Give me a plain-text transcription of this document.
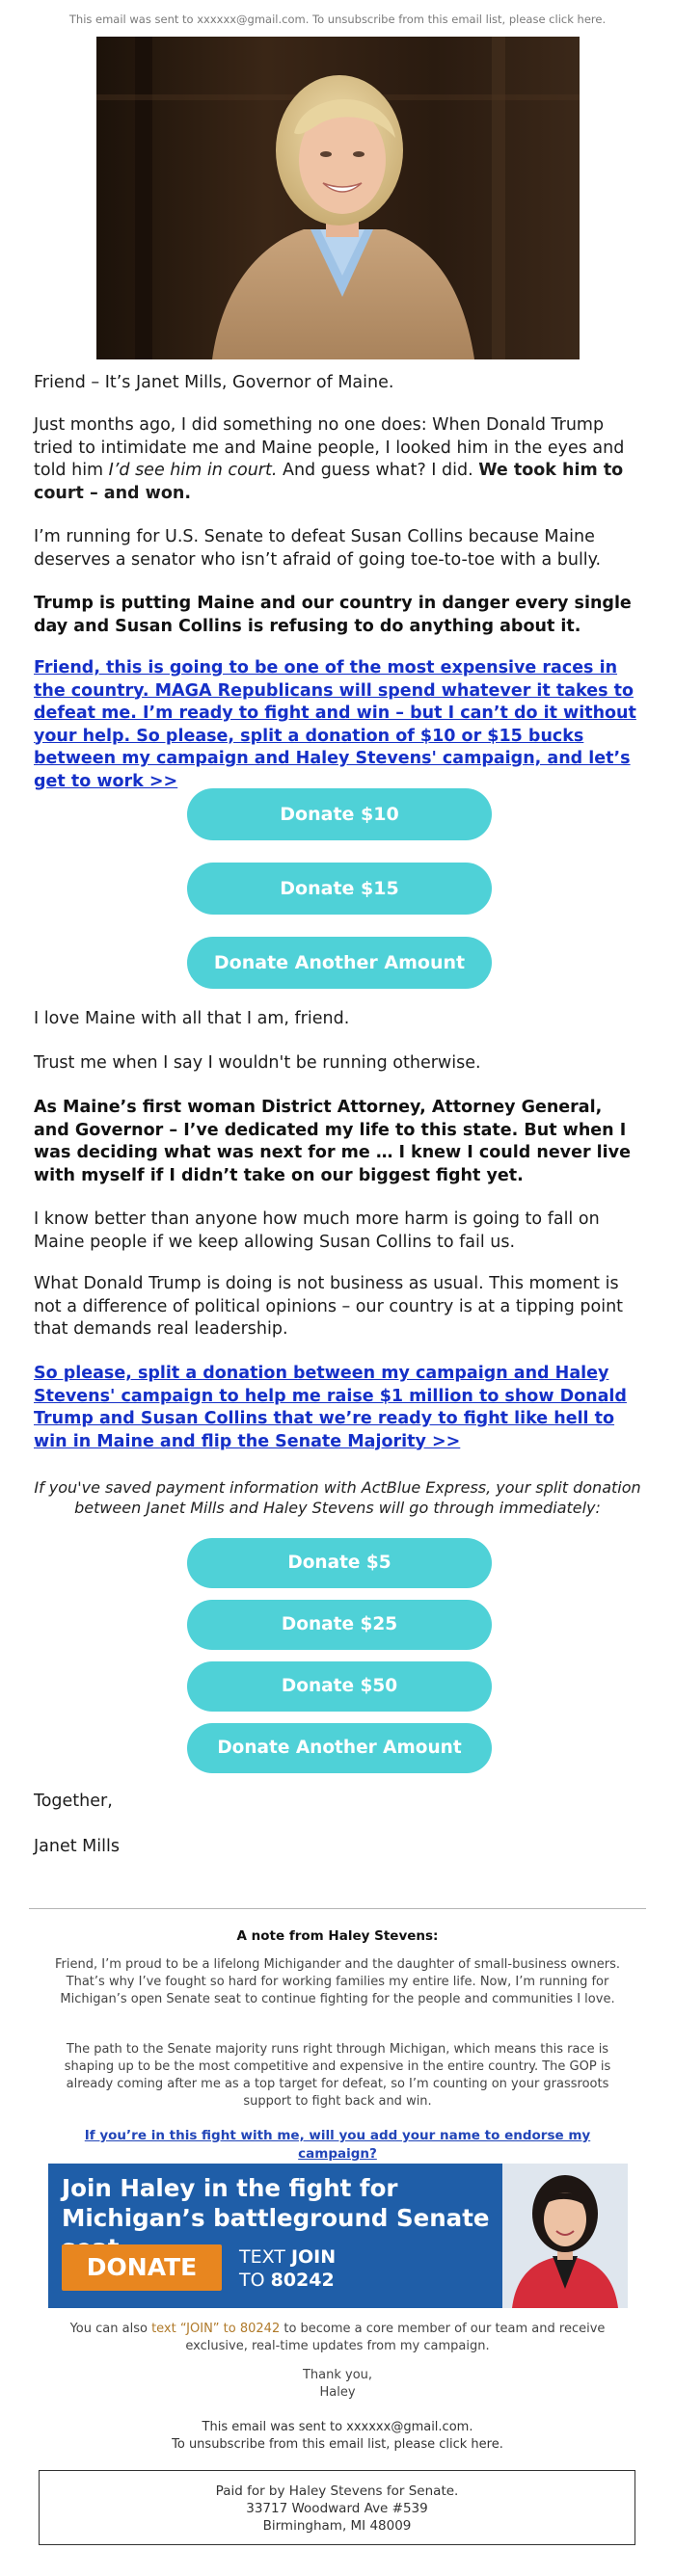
This email was sent to xxxxxx@gmail.com. To unsubscribe from this email list, please click here.

Friend – It’s Janet Mills, Governor of Maine.

Just months ago, I did something no one does: When Donald Trump tried to intimidate me and Maine people, I looked him in the eyes and told him I’d see him in court. And guess what? I did. We took him to court – and won.

I’m running for U.S. Senate to defeat Susan Collins because Maine deserves a senator who isn’t afraid of going toe-to-toe with a bully.

Trump is putting Maine and our country in danger every single day and Susan Collins is refusing to do anything about it.

Friend, this is going to be one of the most expensive races in the country. MAGA Republicans will spend whatever it takes to defeat me. I’m ready to fight and win – but I can’t do it without your help. So please, split a donation of $10 or $15 bucks between my campaign and Haley Stevens' campaign, and let’s get to work >>

Donate $10
Donate $15
Donate Another Amount

I love Maine with all that I am, friend.

Trust me when I say I wouldn't be running otherwise.

As Maine’s first woman District Attorney, Attorney General, and Governor – I’ve dedicated my life to this state. But when I was deciding what was next for me … I knew I could never live with myself if I didn’t take on our biggest fight yet.

I know better than anyone how much more harm is going to fall on Maine people if we keep allowing Susan Collins to fail us.

What Donald Trump is doing is not business as usual. This moment is not a difference of political opinions – our country is at a tipping point that demands real leadership.

So please, split a donation between my campaign and Haley Stevens' campaign to help me raise $1 million to show Donald Trump and Susan Collins that we’re ready to fight like hell to win in Maine and flip the Senate Majority >>

If you've saved payment information with ActBlue Express, your split donation between Janet Mills and Haley Stevens will go through immediately:

Donate $5
Donate $25
Donate $50
Donate Another Amount

Together,

Janet Mills

A note from Haley Stevens:

Friend, I’m proud to be a lifelong Michigander and the daughter of small-business owners. That’s why I’ve fought so hard for working families my entire life. Now, I’m running for Michigan’s open Senate seat to continue fighting for the people and communities I love.

The path to the Senate majority runs right through Michigan, which means this race is shaping up to be the most competitive and expensive in the entire country. The GOP is already coming after me as a top target for defeat, so I’m counting on your grassroots support to fight back and win.

If you’re in this fight with me, will you add your name to endorse my campaign?
Join Haley in the fight for Michigan’s battleground Senate
DONATE	TEXT JOIN
TO 80242

You can also text “JOIN” to 80242 to become a core member of our team and receive exclusive, real-time updates from my campaign.

Thank you,

Haley

This email was sent to xxxxxx@gmail.com.

To unsubscribe from this email list, please click here.

Paid for by Haley Stevens for Senate.
33717 Woodward Ave #539
Birmingham, MI 48009
